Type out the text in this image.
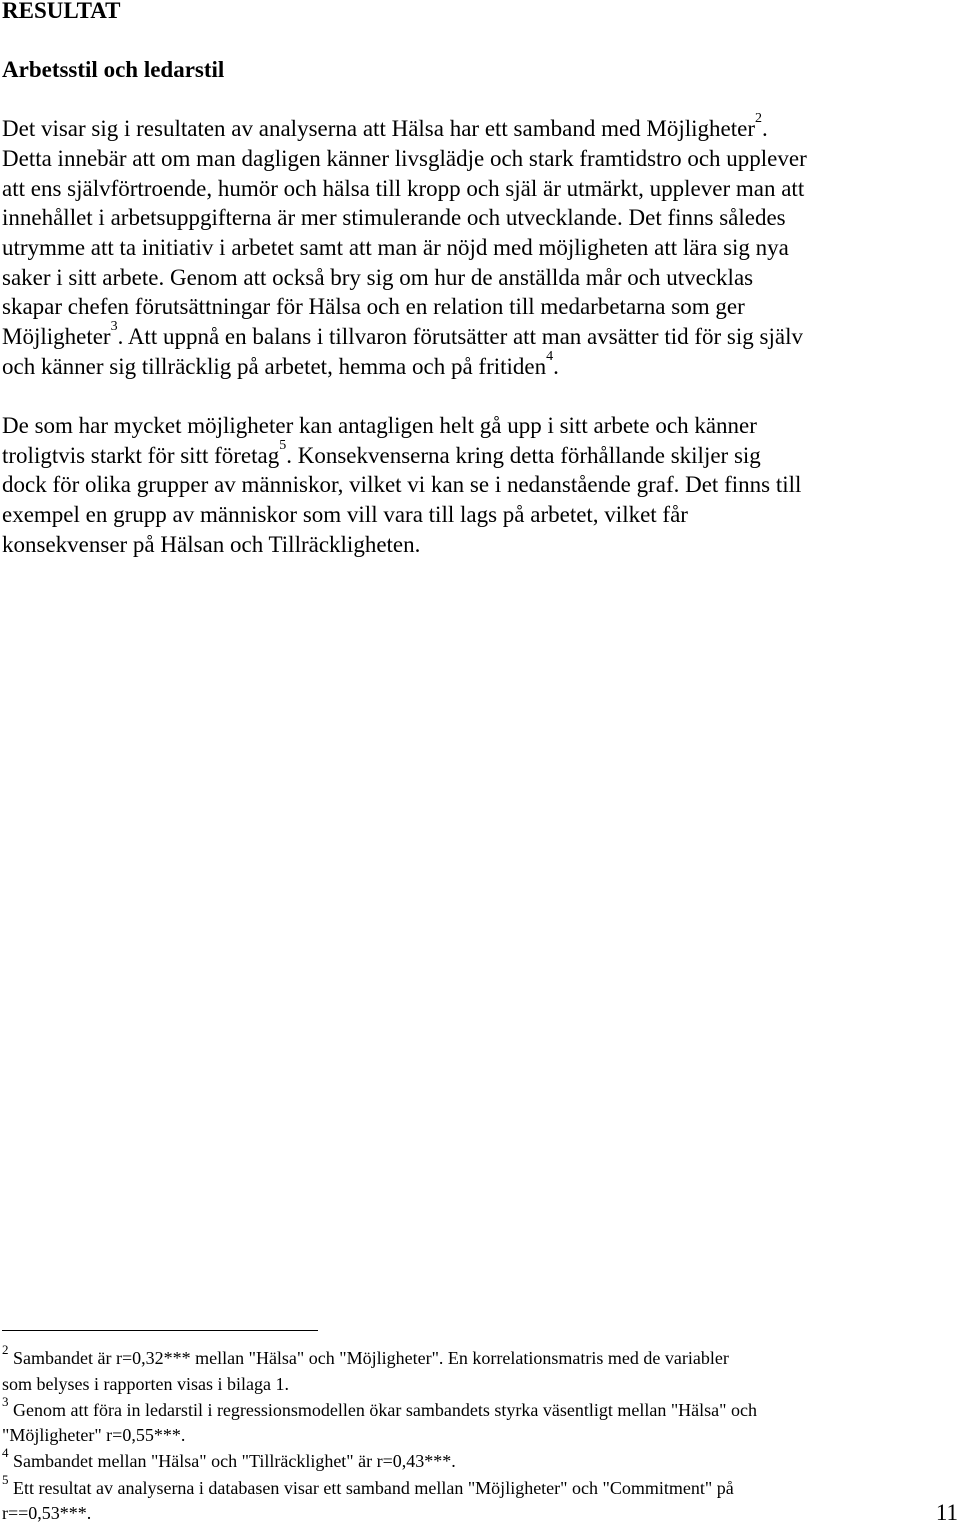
RESULTAT
Arbetsstil och ledarstil

Det visar sig i resultaten av analyserna att Hälsa har ett samband med Möjligheter$^2$.

Detta innebär att om man dagligen känner livsglädje och stark framtidstro och upplever

att ens självförtroende, humör och hälsa till kropp och själ är utmärkt, upplever man att

innehållet i arbetsuppgifterna är mer stimulerande och utvecklande. Det finns således

utrymme att ta initiativ i arbetet samt att man är nöjd med möjligheten att lära sig nya

saker i sitt arbete. Genom att också bry sig om hur de anställda mår och utvecklas

skapar chefen förutsättningar för Hälsa och en relation till medarbetarna som ger

Möjligheter$^3$. Att uppnå en balans i tillvaron förutsätter att man avsätter tid för sig själv

och känner sig tillräcklig på arbetet, hemma och på fritiden$^4$.

De som har mycket möjligheter kan antagligen helt gå upp i sitt arbete och känner

troligtvis starkt för sitt företag$^5$. Konsekvenserna kring detta förhållande skiljer sig

dock för olika grupper av människor, vilket vi kan se i nedanstående graf. Det finns till

exempel en grupp av människor som vill vara till lags på arbetet, vilket får

konsekvenser på Hälsan och Tillräckligheten.

$^2$ Sambandet är r=0,32*** mellan "Hälsa" och "Möjligheter". En korrelationsmatris med de variabler

som belyses i rapporten visas i bilaga 1.

$^3$ Genom att föra in ledarstil i regressionsmodellen ökar sambandets styrka väsentligt mellan "Hälsa" och

"Möjligheter" r=0,55***.

$^4$ Sambandet mellan "Hälsa" och "Tillräcklighet" är r=0,43***.

$^5$ Ett resultat av analyserna i databasen visar ett samband mellan "Möjligheter" och "Commitment" på

r==0,53***.	11
